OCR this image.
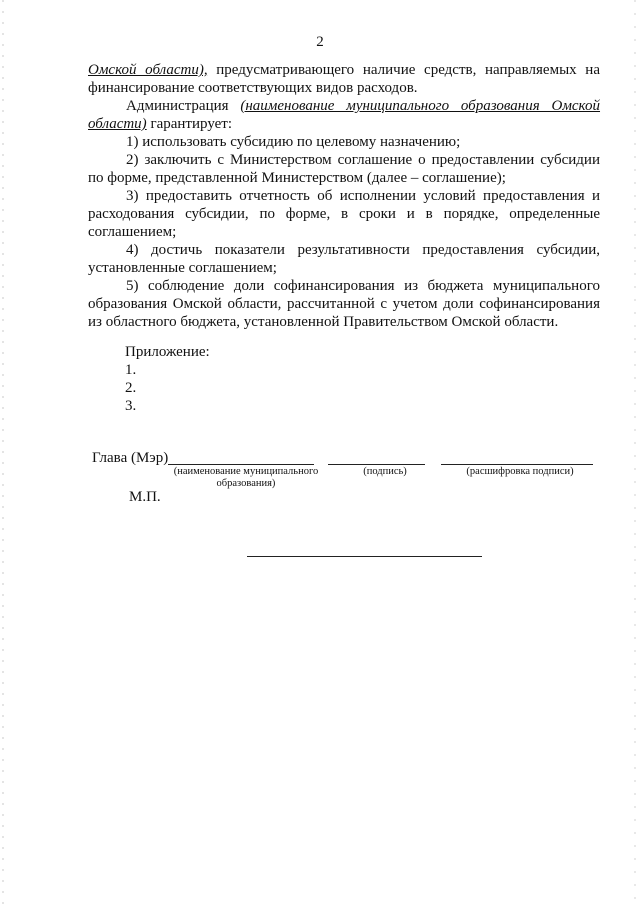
2

Омской области), предусматривающего наличие средств, направляемых на финансирование соответствующих видов расходов.

Администрация (наименование муниципального образования Омской области) гарантирует:

1) использовать субсидию по целевому назначению;

2) заключить с Министерством соглашение о предоставлении субсидии по форме, представленной Министерством (далее – соглашение);

3) предоставить отчетность об исполнении условий предоставления и расходования субсидии, по форме, в сроки и в порядке, определенные соглашением;

4) достичь показатели результативности предоставления субсидии, установленные соглашением;

5) соблюдение доли софинансирования из бюджета муниципального образования Омской области, рассчитанной с учетом доли софинансирования из областного бюджета, установленной Правительством Омской области.

Приложение:
1.
2.
3.
Глава (Мэр)
(наименование муниципального образования)
(подпись)	(расшифровка подписи)
М.П.
